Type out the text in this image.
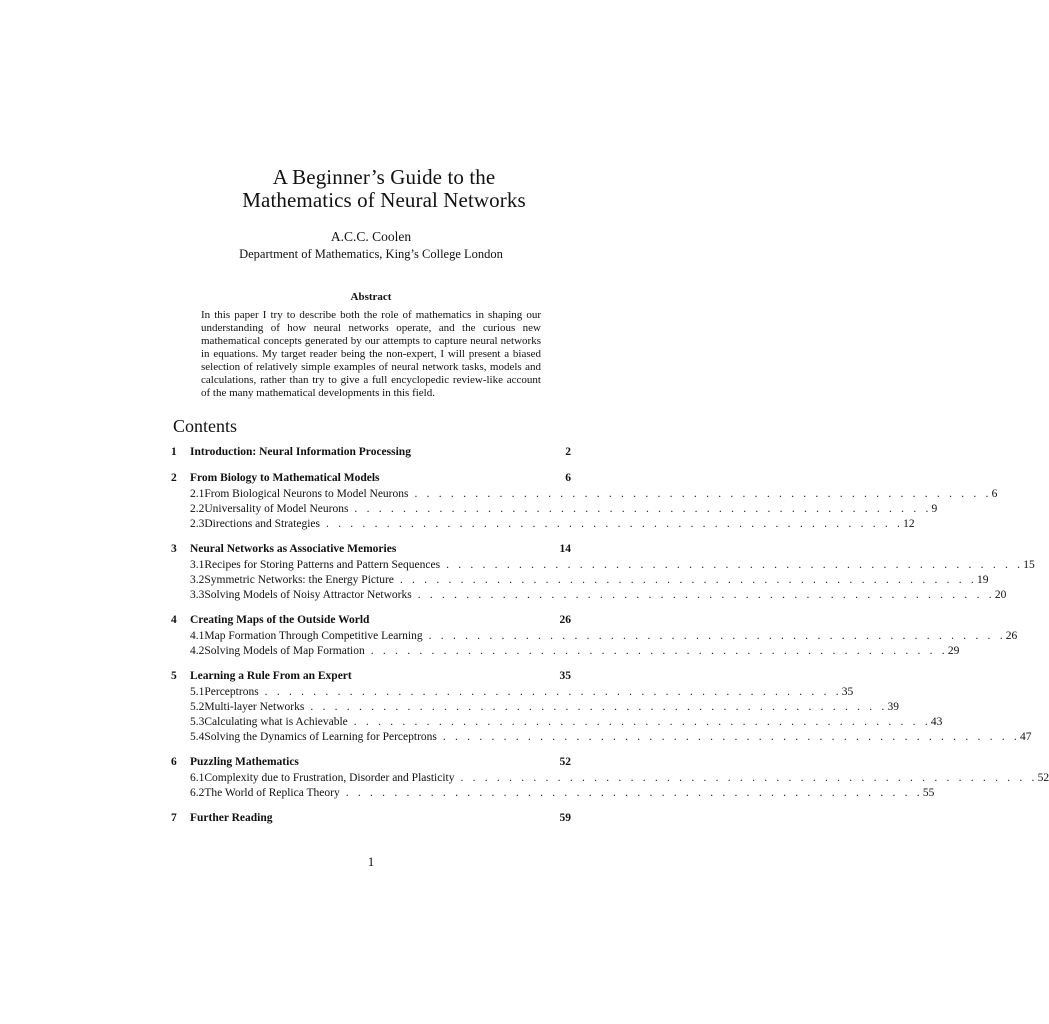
A Beginner’s Guide to the
Mathematics of Neural Networks
A.C.C. Coolen
Department of Mathematics, King’s College London
Abstract
In this paper I try to describe both the role of mathematics in shaping our understanding of how neural networks operate, and the curious new mathematical concepts generated by our attempts to capture neural networks in equations. My target reader being the non-expert, I will present a biased selection of relatively simple examples of neural network tasks, models and calculations, rather than try to give a full encyclopedic review-like account of the many mathematical developments in this field.
Contents
1	Introduction: Neural Information Processing	2
2	From Biology to Mathematical Models	6
2.1 From Biological Neurons to Model Neurons . . . . . . . . . . . . . . . . . . . . . . . . . . . . . . . . . . . . . . . . . . . . . . . . 6
2.2 Universality of Model Neurons . . . . . . . . . . . . . . . . . . . . . . . . . . . . . . . . . . . . . . . . . . . . . . . . 9
2.3 Directions and Strategies . . . . . . . . . . . . . . . . . . . . . . . . . . . . . . . . . . . . . . . . . . . . . . . . 12
3	Neural Networks as Associative Memories	14
3.1 Recipes for Storing Patterns and Pattern Sequences . . . . . . . . . . . . . . . . . . . . . . . . . . . . . . . . . . . . . . . . . . . . . . . . 15
3.2 Symmetric Networks: the Energy Picture . . . . . . . . . . . . . . . . . . . . . . . . . . . . . . . . . . . . . . . . . . . . . . . . 19
3.3 Solving Models of Noisy Attractor Networks . . . . . . . . . . . . . . . . . . . . . . . . . . . . . . . . . . . . . . . . . . . . . . . . 20
4	Creating Maps of the Outside World	26
4.1 Map Formation Through Competitive Learning . . . . . . . . . . . . . . . . . . . . . . . . . . . . . . . . . . . . . . . . . . . . . . . . 26
4.2 Solving Models of Map Formation . . . . . . . . . . . . . . . . . . . . . . . . . . . . . . . . . . . . . . . . . . . . . . . . 29
5	Learning a Rule From an Expert	35
5.1 Perceptrons . . . . . . . . . . . . . . . . . . . . . . . . . . . . . . . . . . . . . . . . . . . . . . . . 35
5.2 Multi-layer Networks . . . . . . . . . . . . . . . . . . . . . . . . . . . . . . . . . . . . . . . . . . . . . . . . 39
5.3 Calculating what is Achievable . . . . . . . . . . . . . . . . . . . . . . . . . . . . . . . . . . . . . . . . . . . . . . . . 43
5.4 Solving the Dynamics of Learning for Perceptrons . . . . . . . . . . . . . . . . . . . . . . . . . . . . . . . . . . . . . . . . . . . . . . . . 47
6	Puzzling Mathematics	52
6.1 Complexity due to Frustration, Disorder and Plasticity . . . . . . . . . . . . . . . . . . . . . . . . . . . . . . . . . . . . . . . . . . . . . . . . 52
6.2 The World of Replica Theory . . . . . . . . . . . . . . . . . . . . . . . . . . . . . . . . . . . . . . . . . . . . . . . . 55
7	Further Reading	59
1
